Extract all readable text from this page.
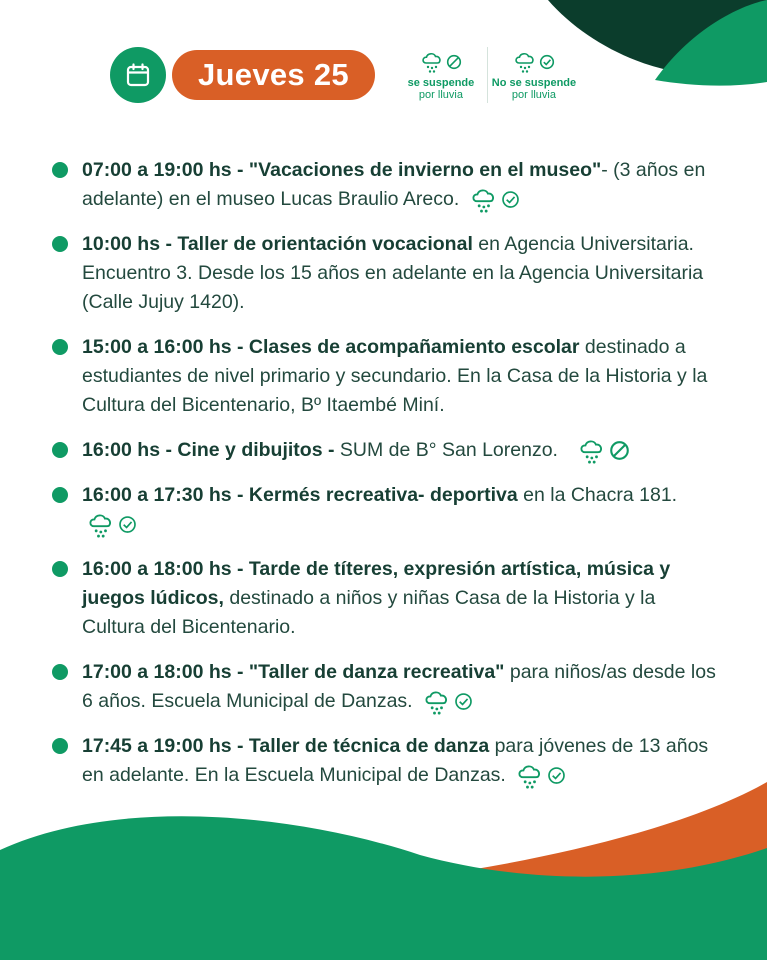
Jueves 25	se suspende
por lluvia
No se suspende
por lluvia
07:00 a 19:00 hs - "Vacaciones de invierno en el museo"- (3 años en adelante) en el museo Lucas Braulio Areco.
10:00 hs - Taller de orientación vocacional en Agencia Universitaria. Encuentro 3. Desde los 15 años en adelante en la Agencia Universitaria (Calle Jujuy 1420).
15:00 a 16:00 hs - Clases de acompañamiento escolar destinado a estudiantes de nivel primario y secundario. En la Casa de la Historia y la Cultura del Bicentenario, Bº Itaembé Miní.
16:00 hs - Cine y dibujitos - SUM de B° San Lorenzo.
16:00 a 17:30 hs - Kermés recreativa- deportiva en la Chacra 181.
16:00 a 18:00 hs - Tarde de títeres, expresión artística, música y juegos lúdicos, destinado a niños y niñas Casa de la Historia y la Cultura del Bicentenario.
17:00 a 18:00 hs - "Taller de danza recreativa" para niños/as desde los 6 años. Escuela Municipal de Danzas.
17:45 a 19:00 hs - Taller de técnica de danza para jóvenes de 13 años en adelante. En la Escuela Municipal de Danzas.
